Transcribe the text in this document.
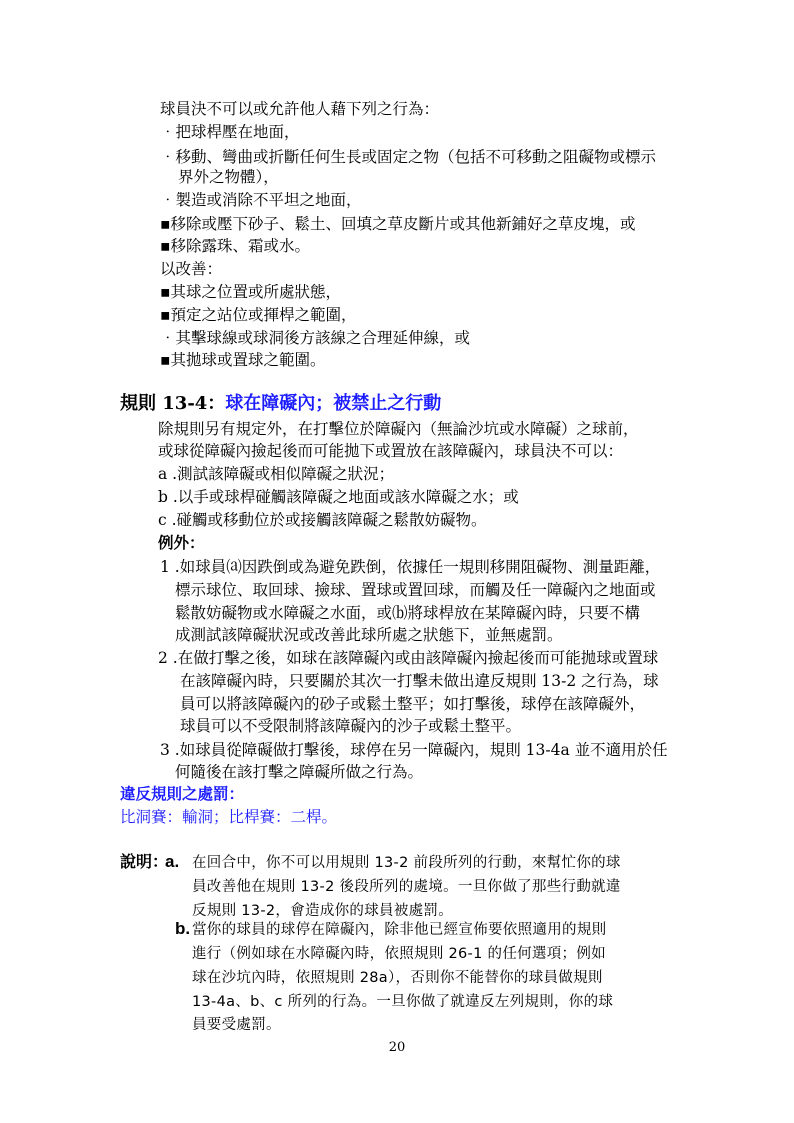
球員決不可以或允許他人藉下列之行為：
‧把球桿壓在地面，
‧移動、彎曲或折斷任何生長或固定之物（包括不可移動之阻礙物或標示
界外之物體），
‧製造或消除不平坦之地面，
▪移除或壓下砂子、鬆土、回填之草皮斷片或其他新鋪好之草皮塊，或
▪移除露珠、霜或水。
以改善：
▪其球之位置或所處狀態，
▪預定之站位或揮桿之範圍，
‧其擊球線或球洞後方該線之合理延伸線，或
▪其拋球或置球之範圍。
規則 13-4：球在障礙內；被禁止之行動
除規則另有規定外，在打擊位於障礙內（無論沙坑或水障礙）之球前，
或球從障礙內撿起後而可能拋下或置放在該障礙內，球員決不可以：
a .測試該障礙或相似障礙之狀況；
b .以手或球桿碰觸該障礙之地面或該水障礙之水；或
c .碰觸或移動位於或接觸該障礙之鬆散妨礙物。
例外：
1 .如球員⒜因跌倒或為避免跌倒，依據任一規則移開阻礙物、測量距離，
標示球位、取回球、撿球、置球或置回球，而觸及任一障礙內之地面或
鬆散妨礙物或水障礙之水面，或⒝將球桿放在某障礙內時，只要不構
成測試該障礙狀況或改善此球所處之狀態下，並無處罰。
2 .在做打擊之後，如球在該障礙內或由該障礙內撿起後而可能拋球或置球
在該障礙內時，只要關於其次一打擊未做出違反規則 13-2 之行為，球
員可以將該障礙內的砂子或鬆土整平；如打擊後，球停在該障礙外，
球員可以不受限制將該障礙內的沙子或鬆土整平。
3 .如球員從障礙做打擊後，球停在另一障礙內，規則 13-4a 並不適用於任
何隨後在該打擊之障礙所做之行為。
違反規則之處罰：
比洞賽：輸洞；比桿賽：二桿。
說明：
a. 在回合中，你不可以用規則 13-2 前段所列的行動，來幫忙你的球
員改善他在規則 13-2 後段所列的處境。一旦你做了那些行動就違
反規則 13-2，會造成你的球員被處罰。
b. 當你的球員的球停在障礙內，除非他已經宣佈要依照適用的規則
進行（例如球在水障礙內時，依照規則 26-1 的任何選項；例如
球在沙坑內時，依照規則 28a），否則你不能替你的球員做規則
13-4a、b、c 所列的行為。一旦你做了就違反左列規則，你的球
員要受處罰。
20
